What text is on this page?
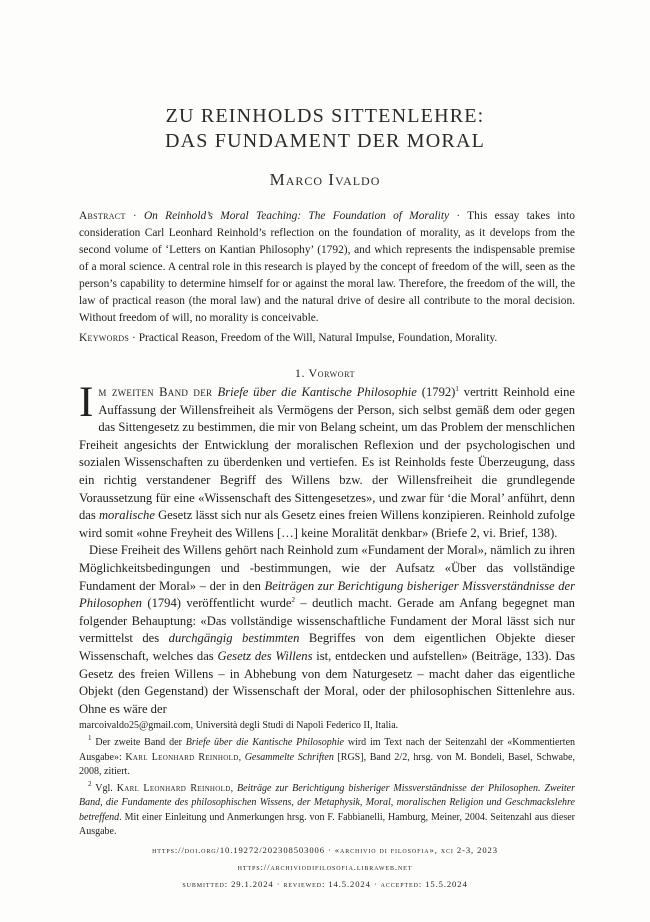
ZU REINHOLDS SITTENLEHRE:
DAS FUNDAMENT DER MORAL
Marco Ivaldo
Abstract · On Reinhold’s Moral Teaching: The Foundation of Morality · This essay takes into consideration Carl Leonhard Reinhold’s reflection on the foundation of morality, as it develops from the second volume of ‘Letters on Kantian Philosophy’ (1792), and which represents the indispensable premise of a moral science. A central role in this research is played by the concept of freedom of the will, seen as the person’s capability to determine himself for or against the moral law. Therefore, the freedom of the will, the law of practical reason (the moral law) and the natural drive of desire all contribute to the moral decision. Without freedom of will, no morality is conceivable.
Keywords · Practical Reason, Freedom of the Will, Natural Impulse, Foundation, Morality.
1. Vorwort

Im zweiten Band der Briefe über die Kantische Philosophie $(1792)^1$ vertritt Reinhold eine Auffassung der Willensfreiheit als Vermögens der Person, sich selbst gemäß dem oder gegen das Sittengesetz zu bestimmen, die mir von Belang scheint, um das Problem der menschlichen Freiheit angesichts der Entwicklung der moralischen Reflexion und der psychologischen und sozialen Wissenschaften zu überdenken und vertiefen. Es ist Reinholds feste Überzeugung, dass ein richtig verstandener Begriff des Willens bzw. der Willensfreiheit die grundlegende Voraussetzung für eine «Wissenschaft des Sittengesetzes», und zwar für ‘die Moral’ anführt, denn das moralische Gesetz lässt sich nur als Gesetz eines freien Willens konzipieren. Reinhold zufolge wird somit «ohne Freyheit des Willens […] keine Moralität denkbar» (Briefe 2, vi. Brief, 138).

Diese Freiheit des Willens gehört nach Reinhold zum «Fundament der Moral», nämlich zu ihren Möglichkeitsbedingungen und -bestimmungen, wie der Aufsatz «Über das vollständige Fundament der Moral» – der in den Beiträgen zur Berichtigung bisheriger Missverständnisse der Philosophen (1794) veröffentlicht wurde$^2$ – deutlich macht. Gerade am Anfang begegnet man folgender Behauptung: «Das vollständige wissenschaftliche Fundament der Moral lässt sich nur vermittelst des durchgängig bestimmten Begriffes von dem eigentlichen Objekte dieser Wissenschaft, welches das Gesetz des Willens ist, entdecken und aufstellen» (Beiträge, 133). Das Gesetz des freien Willens – in Abhebung von dem Naturgesetz – macht daher das eigentliche Objekt (den Gegenstand) der Wissenschaft der Moral, oder der philosophischen Sittenlehre aus. Ohne es wäre der

marcoivaldo25@gmail.com, Università degli Studi di Napoli Federico II, Italia.

$^1$ Der zweite Band der Briefe über die Kantische Philosophie wird im Text nach der Seitenzahl der «Kommentierten Ausgabe»: Karl Leonhard Reinhold, Gesammelte Schriften [RGS], Band 2/2, hrsg. von M. Bondeli, Basel, Schwabe, 2008, zitiert.

$^2$ Vgl. Karl Leonhard Reinhold, Beiträge zur Berichtigung bisheriger Missverständnisse der Philosophen. Zweiter Band, die Fundamente des philosophischen Wissens, der Metaphysik, Moral, moralischen Religion und Geschmackslehre betreffend. Mit einer Einleitung und Anmerkungen hrsg. von F. Fabbianelli, Hamburg, Meiner, 2004. Seitenzahl aus dieser Ausgabe.

https://doi.org/10.19272/202308503006 · «archivio di filosofia», xci 2-3, 2023
https://archiviodifilosofia.libraweb.net
submitted: 29.1.2024 · reviewed: 14.5.2024 · accepted: 15.5.2024
